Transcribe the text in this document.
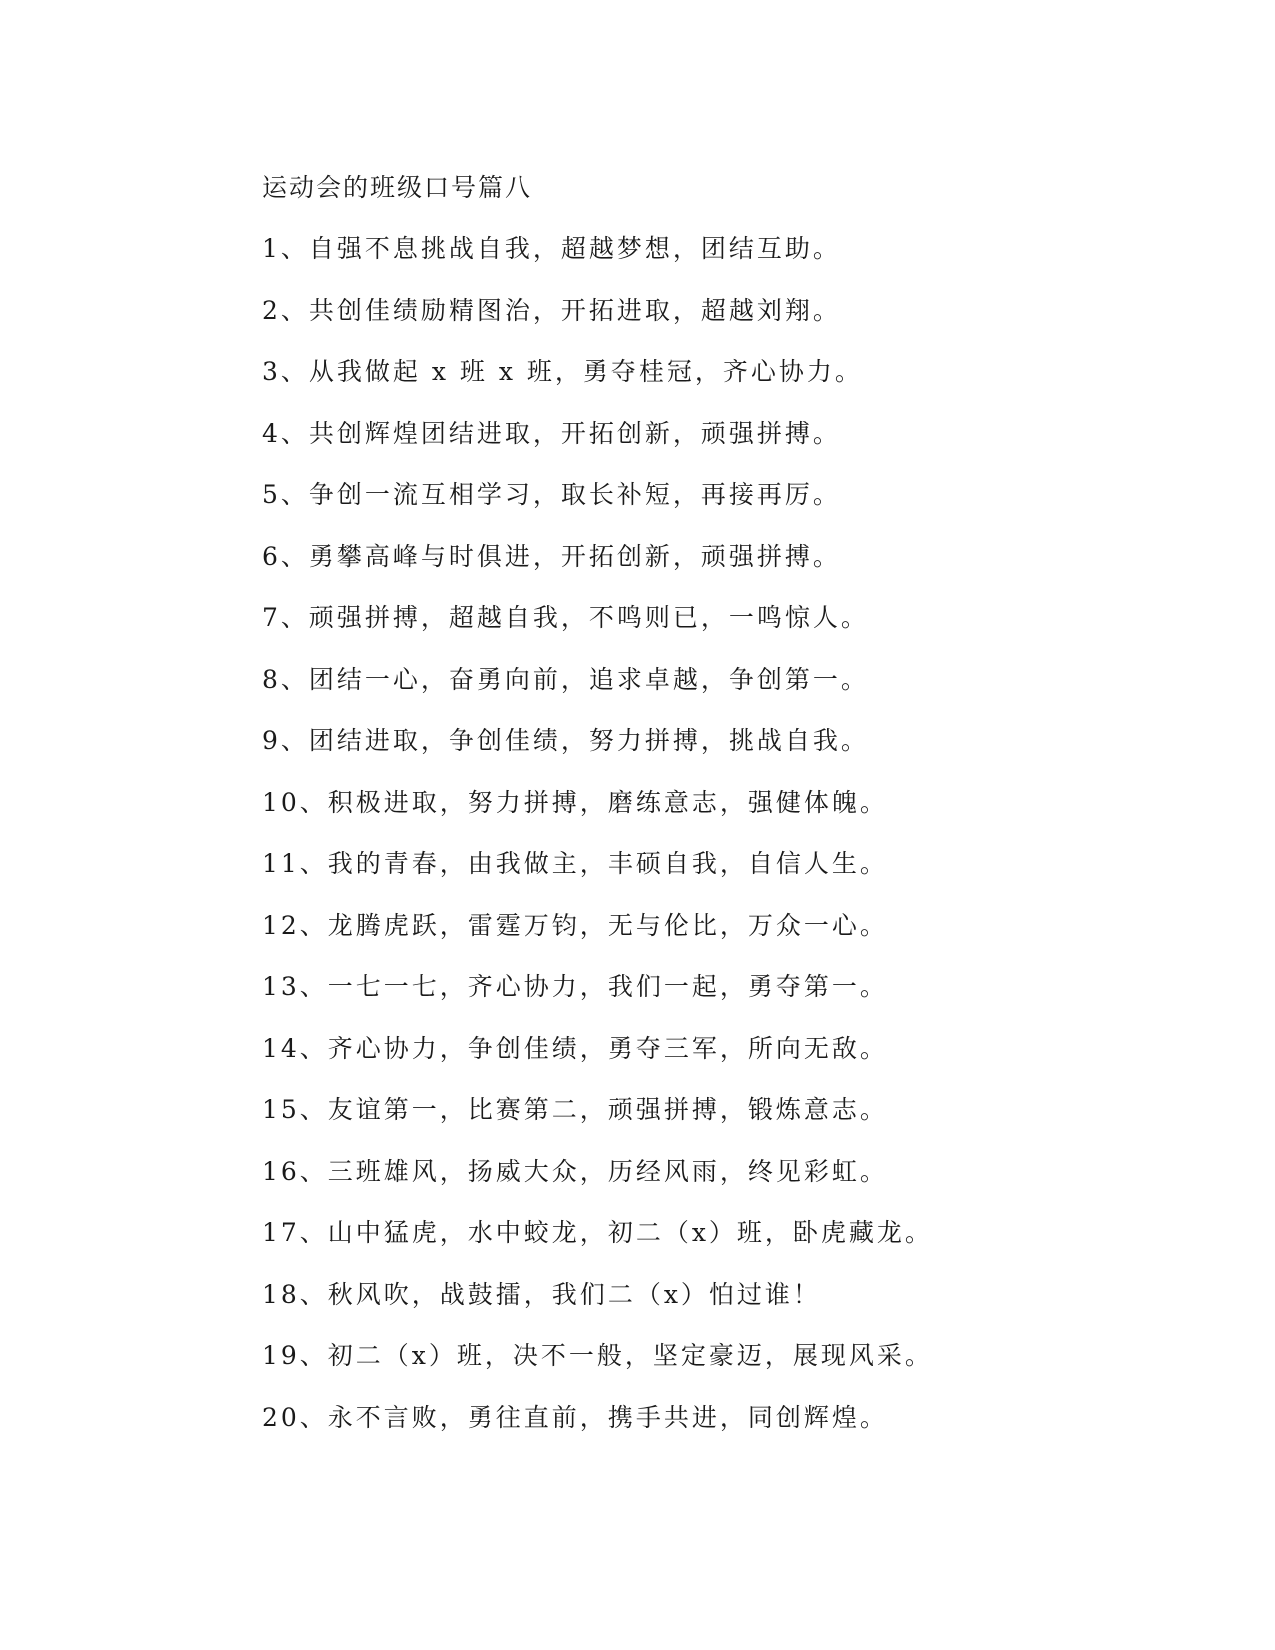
运动会的班级口号篇八
1、自强不息挑战自我，超越梦想，团结互助。
2、共创佳绩励精图治，开拓进取，超越刘翔。
3、从我做起 x 班 x 班，勇夺桂冠，齐心协力。
4、共创辉煌团结进取，开拓创新，顽强拼搏。
5、争创一流互相学习，取长补短，再接再厉。
6、勇攀高峰与时俱进，开拓创新，顽强拼搏。
7、顽强拼搏，超越自我，不鸣则已，一鸣惊人。
8、团结一心，奋勇向前，追求卓越，争创第一。
9、团结进取，争创佳绩，努力拼搏，挑战自我。
10、积极进取，努力拼搏，磨练意志，强健体魄。
11、我的青春，由我做主，丰硕自我，自信人生。
12、龙腾虎跃，雷霆万钧，无与伦比，万众一心。
13、一七一七，齐心协力，我们一起，勇夺第一。
14、齐心协力，争创佳绩，勇夺三军，所向无敌。
15、友谊第一，比赛第二，顽强拼搏，锻炼意志。
16、三班雄风，扬威大众，历经风雨，终见彩虹。
17、山中猛虎，水中蛟龙，初二（x）班，卧虎藏龙。
18、秋风吹，战鼓擂，我们二（x）怕过谁！
19、初二（x）班，决不一般，坚定豪迈，展现风采。
20、永不言败，勇往直前，携手共进，同创辉煌。
